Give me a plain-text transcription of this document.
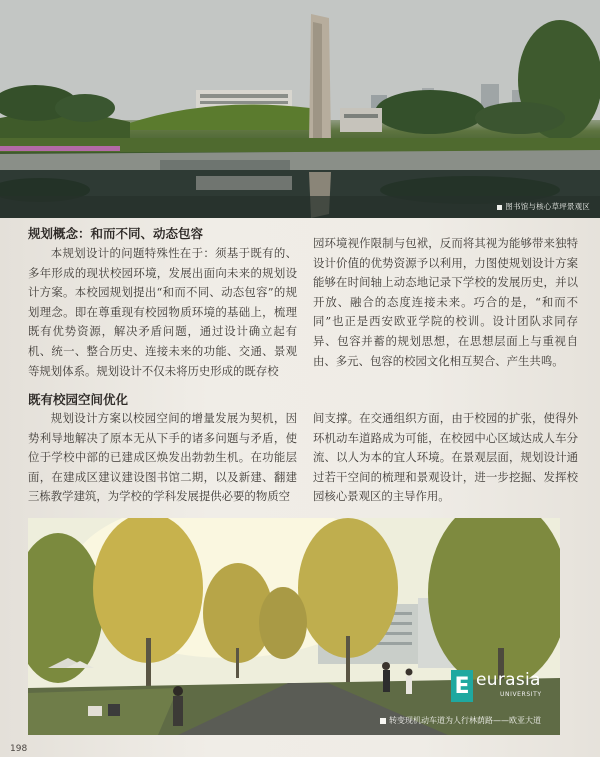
图书馆与核心草坪景观区
规划概念：和而不同、动态包容

本规划设计的问题特殊性在于：须基于既有的、多年形成的现状校园环境，发展出面向未来的规划设计方案。本校园规划提出“和而不同、动态包容”的规划理念。即在尊重现有校园物质环境的基础上，梳理既有优势资源，解决矛盾问题，通过设计确立起有机、统一、整合历史、连接未来的功能、交通、景观等规划体系。规划设计不仅未将历史形成的既存校

园环境视作限制与包袱，反而将其视为能够带来独特设计价值的优势资源予以利用，力图使规划设计方案能够在时间轴上动态地记录下学校的发展历史，并以开放、融合的态度连接未来。巧合的是，“和而不同”也正是西安欧亚学院的校训。设计团队求同存异、包容并蓄的规划思想，在思想层面上与重视自由、多元、包容的校园文化相互契合、产生共鸣。

既有校园空间优化

规划设计方案以校园空间的增量发展为契机，因势利导地解决了原本无从下手的诸多问题与矛盾，使位于学校中部的已建成区焕发出勃勃生机。在功能层面，在建成区建议建设图书馆二期，以及新建、翻建三栋教学建筑，为学校的学科发展提供必要的物质空

间支撑。在交通组织方面，由于校园的扩张，使得外环机动车道路成为可能，在校园中心区域达成人车分流、以人为本的宜人环境。在景观层面，规划设计通过若干空间的梳理和景观设计，进一步挖掘、发挥校园核心景观区的主导作用。

E eurasia
UNIVERSITY
转变现机动车道为人行林荫路——欧亚大道
198
